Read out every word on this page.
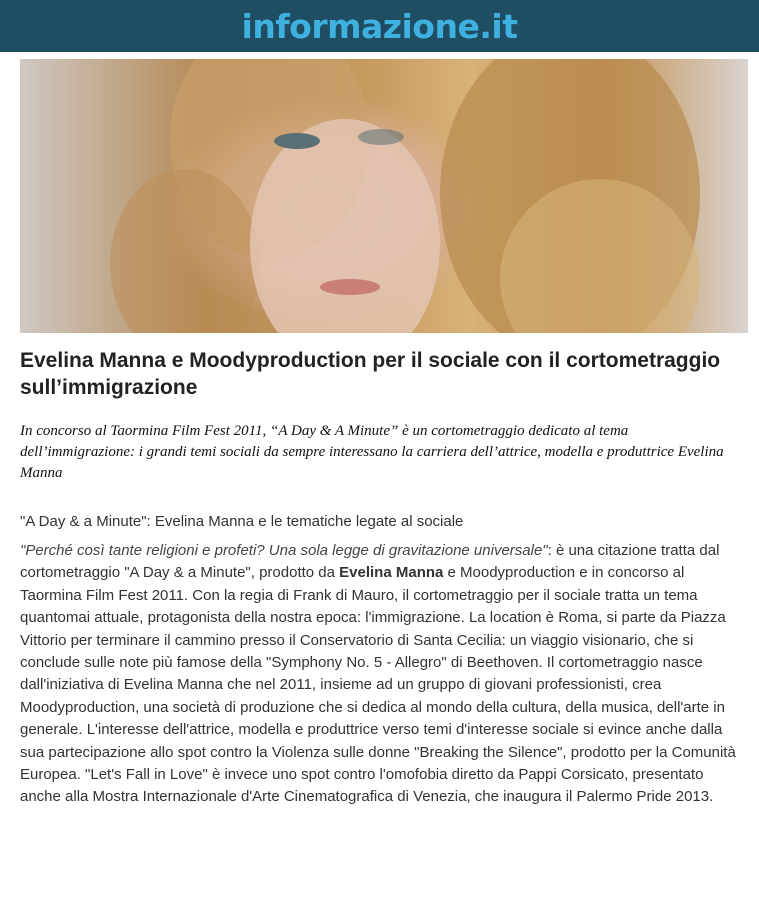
informazione.it
Evelina Manna e Moodyproduction per il sociale con il cortometraggio sull’immigrazione

In concorso al Taormina Film Fest 2011, “A Day & A Minute” è un cortometraggio dedicato al tema dell’immigrazione: i grandi temi sociali da sempre interessano la carriera dell’attrice, modella e produttrice Evelina Manna

"A Day & a Minute": Evelina Manna e le tematiche legate al sociale

"Perché così tante religioni e profeti? Una sola legge di gravitazione universale": è una citazione tratta dal cortometraggio "A Day & a Minute", prodotto da Evelina Manna e Moodyproduction e in concorso al Taormina Film Fest 2011. Con la regia di Frank di Mauro, il cortometraggio per il sociale tratta un tema quantomai attuale, protagonista della nostra epoca: l'immigrazione. La location è Roma, si parte da Piazza Vittorio per terminare il cammino presso il Conservatorio di Santa Cecilia: un viaggio visionario, che si conclude sulle note più famose della "Symphony No. 5 - Allegro" di Beethoven. Il cortometraggio nasce dall'iniziativa di Evelina Manna che nel 2011, insieme ad un gruppo di giovani professionisti, crea Moodyproduction, una società di produzione che si dedica al mondo della cultura, della musica, dell'arte in generale. L'interesse dell'attrice, modella e produttrice verso temi d'interesse sociale si evince anche dalla sua partecipazione allo spot contro la Violenza sulle donne "Breaking the Silence", prodotto per la Comunità Europea. "Let's Fall in Love" è invece uno spot contro l'omofobia diretto da Pappi Corsicato, presentato anche alla Mostra Internazionale d'Arte Cinematografica di Venezia, che inaugura il Palermo Pride 2013.
